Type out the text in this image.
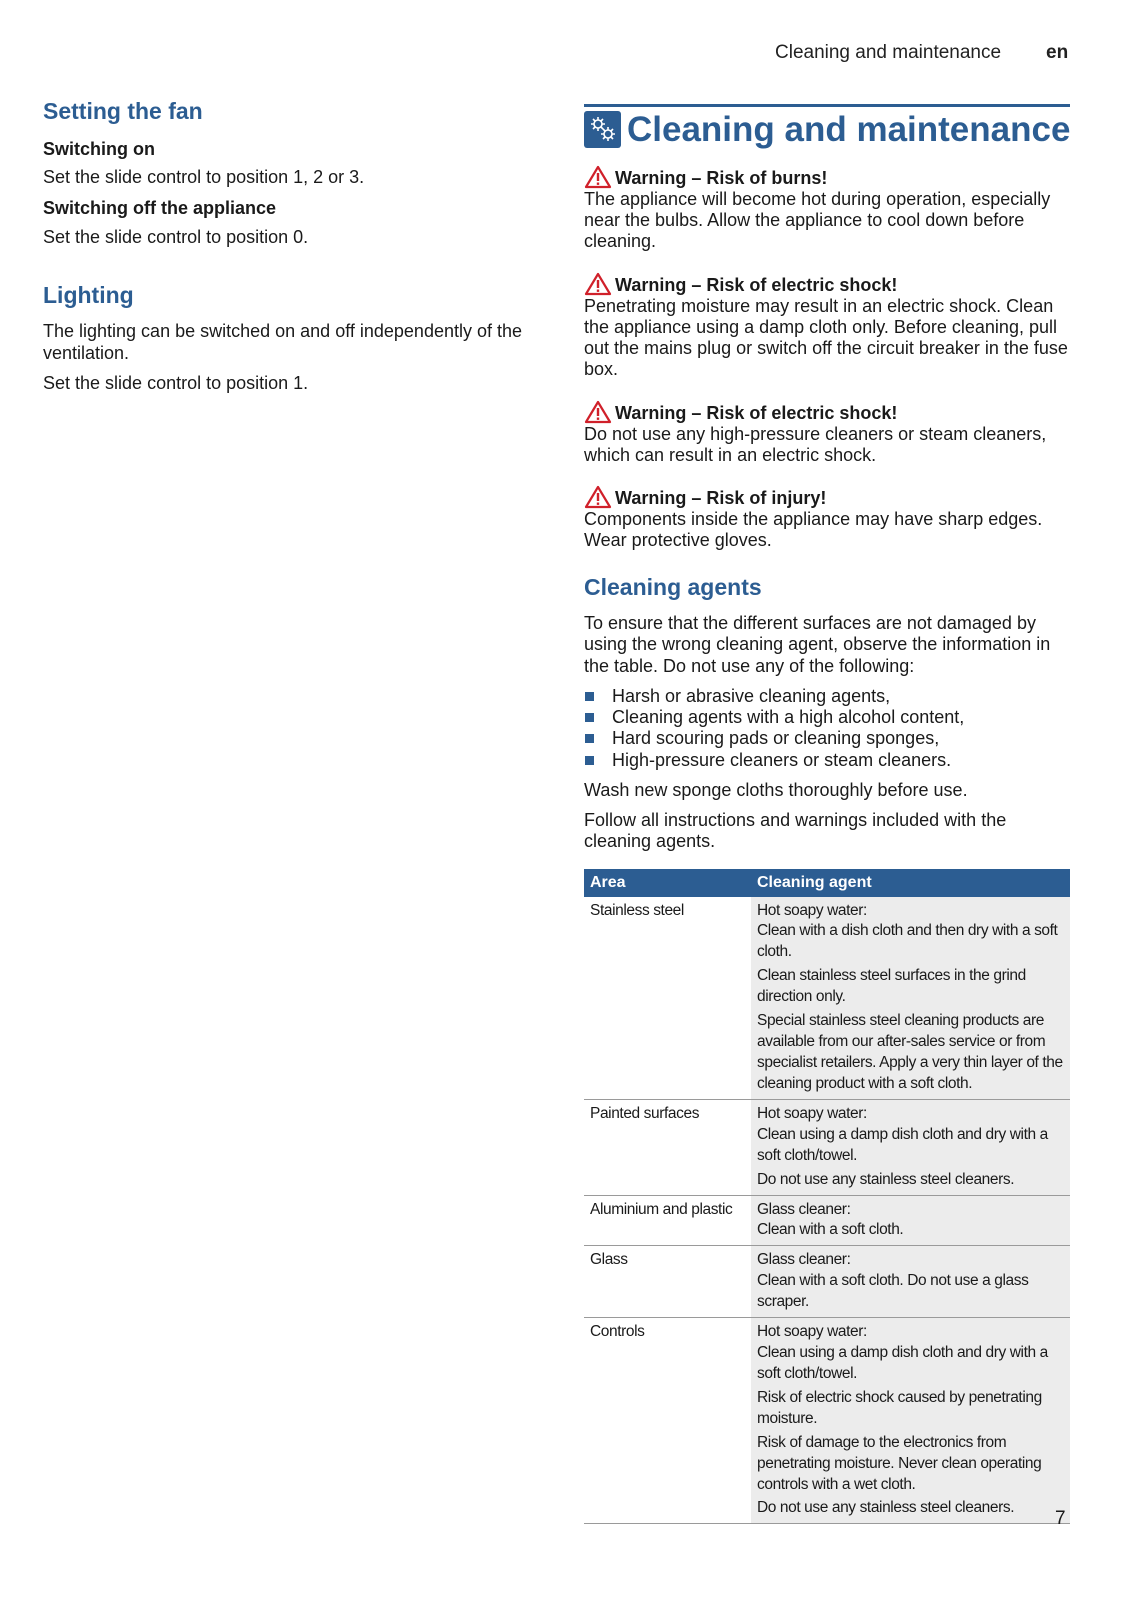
Cleaning and maintenance en
Setting the fan
Switching on
Set the slide control to position 1, 2 or 3.
Switching off the appliance
Set the slide control to position 0.
Lighting
The lighting can be switched on and off independently of the ventilation.
Set the slide control to position 1.
Cleaning and maintenance
Warning – Risk of burns!
The appliance will become hot during operation, especially near the bulbs. Allow the appliance to cool down before cleaning.
Warning – Risk of electric shock!
Penetrating moisture may result in an electric shock. Clean the appliance using a damp cloth only. Before cleaning, pull out the mains plug or switch off the circuit breaker in the fuse box.
Warning – Risk of electric shock!
Do not use any high-pressure cleaners or steam cleaners, which can result in an electric shock.
Warning – Risk of injury!
Components inside the appliance may have sharp edges. Wear protective gloves.
Cleaning agents
To ensure that the different surfaces are not damaged by using the wrong cleaning agent, observe the information in the table. Do not use any of the following:
Harsh or abrasive cleaning agents,
Cleaning agents with a high alcohol content,
Hard scouring pads or cleaning sponges,
High-pressure cleaners or steam cleaners.
Wash new sponge cloths thoroughly before use.
Follow all instructions and warnings included with the cleaning agents.
Area	Cleaning agent
Stainless steel	Hot soapy water:
Clean with a dish cloth and then dry with a soft cloth.
Clean stainless steel surfaces in the grind direction only.
Special stainless steel cleaning products are available from our after-sales service or from specialist retailers. Apply a very thin layer of the cleaning product with a soft cloth.

Painted surfaces	Hot soapy water:
Clean using a damp dish cloth and dry with a soft cloth/towel.
Do not use any stainless steel cleaners.

Aluminium and plastic	Glass cleaner:
Clean with a soft cloth.

Glass	Glass cleaner:
Clean with a soft cloth. Do not use a glass scraper.

Controls	Hot soapy water:
Clean using a damp dish cloth and dry with a soft cloth/towel.
Risk of electric shock caused by penetrating moisture.
Risk of damage to the electronics from penetrating moisture. Never clean operating controls with a wet cloth.
Do not use any stainless steel cleaners.
7
